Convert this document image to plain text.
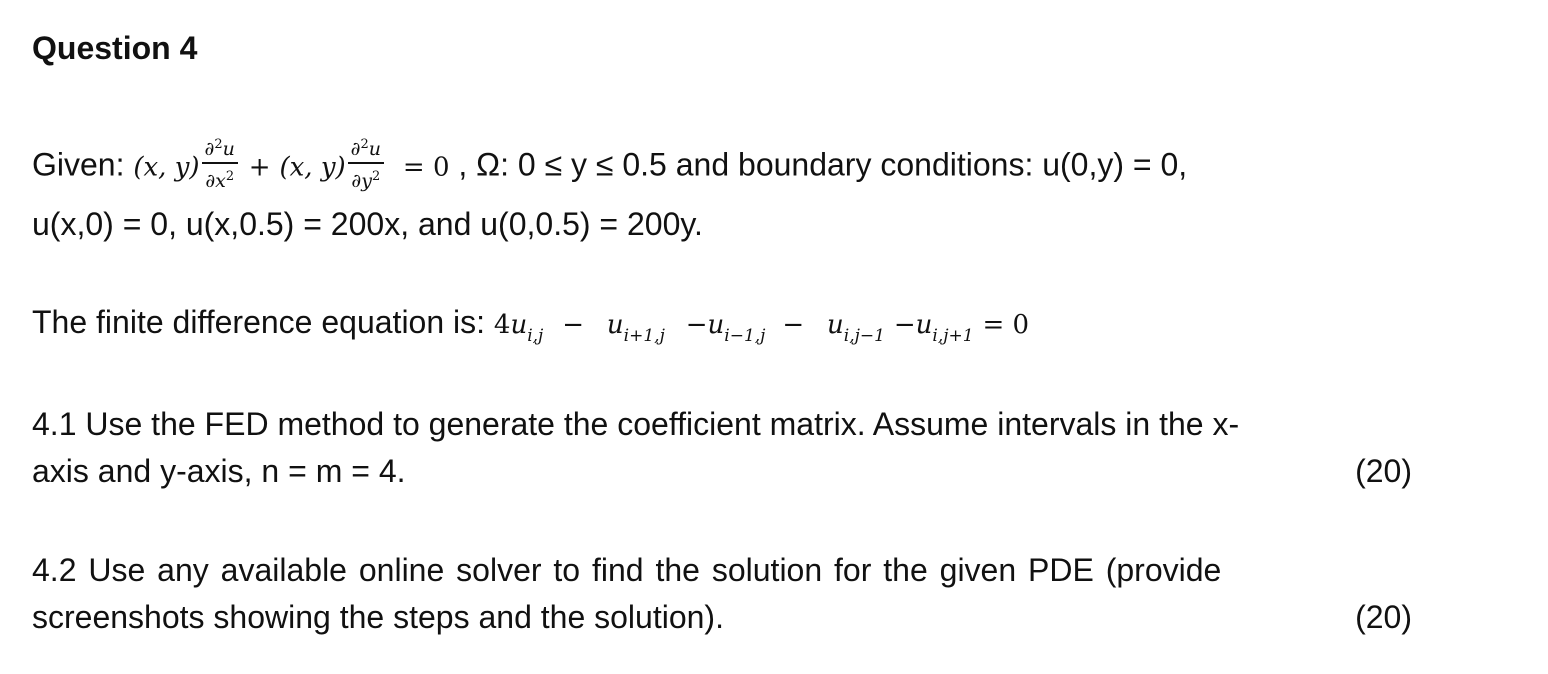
Question 4
Given: (x, $y) \frac{\partial^2u}{\partial x^2} + (x$, $y) \frac{\partial^2u}{\partial y^2} = 0$ , Ω: 0 ≤ y ≤ 0.5 and boundary conditions: u(0,y) = 0,
u(x,0) = 0, u(x,0.5) = 200x, and u(0,0.5) = 200y.
The finite difference equation is: $4u_{i,j} - u_{i+1,j} -u_{i-1,j} - u_{i,j-1} -u_{i,j+1} = 0$
4.1 Use the FED method to generate the coefficient matrix. Assume intervals in the x-
axis and y-axis, n = m = 4.	(20)
4.2 Use any available online solver to find the solution for the given PDE (provide
screenshots showing the steps and the solution).	(20)
